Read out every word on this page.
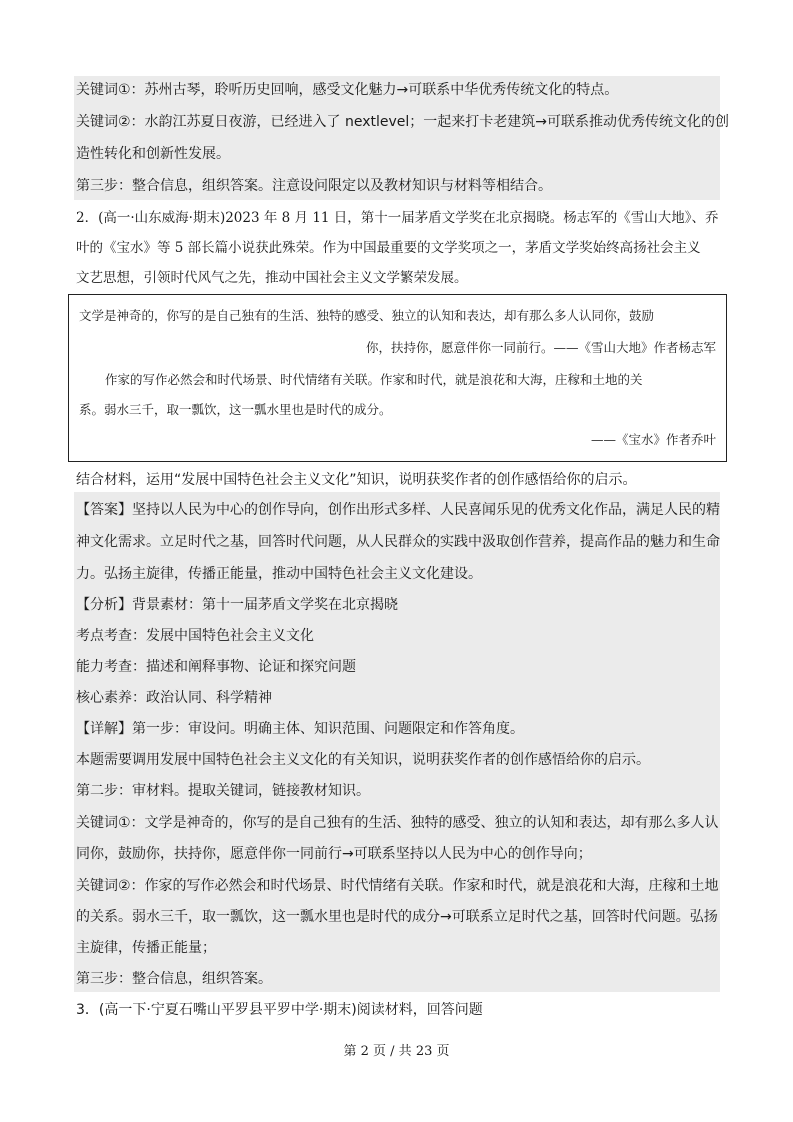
关键词①：苏州古琴，聆听历史回响，感受文化魅力→可联系中华优秀传统文化的特点。
关键词②：水韵江苏夏日夜游，已经进入了 nextlevel；一起来打卡老建筑→可联系推动优秀传统文化的创
造性转化和创新性发展。
第三步：整合信息，组织答案。注意设问限定以及教材知识与材料等相结合。
2．(高一·山东威海·期末)2023 年 8 月 11 日，第十一届茅盾文学奖在北京揭晓。杨志军的《雪山大地》、乔
叶的《宝水》等 5 部长篇小说获此殊荣。作为中国最重要的文学奖项之一，茅盾文学奖始终高扬社会主义
文艺思想，引领时代风气之先，推动中国社会主义文学繁荣发展。
文学是神奇的，你写的是自己独有的生活、独特的感受、独立的认知和表达，却有那么多人认同你，鼓励
你，扶持你，愿意伴你一同前行。——《雪山大地》作者杨志军
作家的写作必然会和时代场景、时代情绪有关联。作家和时代，就是浪花和大海，庄稼和土地的关
系。弱水三千，取一瓢饮，这一瓢水里也是时代的成分。
——《宝水》作者乔叶
结合材料，运用“发展中国特色社会主义文化”知识，说明获奖作者的创作感悟给你的启示。
【答案】坚持以人民为中心的创作导向，创作出形式多样、人民喜闻乐见的优秀文化作品，满足人民的精
神文化需求。立足时代之基，回答时代问题，从人民群众的实践中汲取创作营养，提高作品的魅力和生命
力。弘扬主旋律，传播正能量，推动中国特色社会主义文化建设。
【分析】背景素材：第十一届茅盾文学奖在北京揭晓
考点考查：发展中国特色社会主义文化
能力考查：描述和阐释事物、论证和探究问题
核心素养：政治认同、科学精神
【详解】第一步：审设问。明确主体、知识范围、问题限定和作答角度。
本题需要调用发展中国特色社会主义文化的有关知识，说明获奖作者的创作感悟给你的启示。
第二步：审材料。提取关键词，链接教材知识。
关键词①：文学是神奇的，你写的是自己独有的生活、独特的感受、独立的认知和表达，却有那么多人认
同你，鼓励你，扶持你，愿意伴你一同前行→可联系坚持以人民为中心的创作导向；
关键词②：作家的写作必然会和时代场景、时代情绪有关联。作家和时代，就是浪花和大海，庄稼和土地
的关系。弱水三千，取一瓢饮，这一瓢水里也是时代的成分→可联系立足时代之基，回答时代问题。弘扬
主旋律，传播正能量；
第三步：整合信息，组织答案。
3．(高一下·宁夏石嘴山平罗县平罗中学·期末)阅读材料，回答问题
第 2 页 / 共 23 页
